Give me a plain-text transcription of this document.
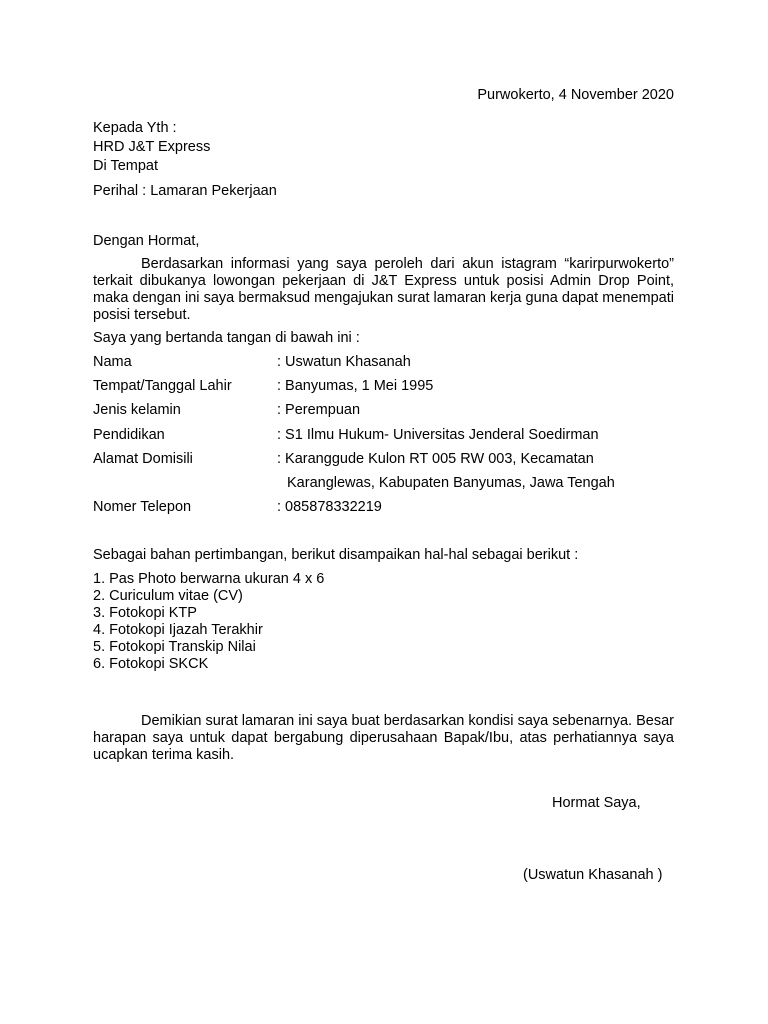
Purwokerto, 4 November 2020
Kepada Yth :
HRD J&T Express
Di Tempat
Perihal : Lamaran Pekerjaan
Dengan Hormat,
Berdasarkan informasi yang saya peroleh dari akun istagram “karirpurwokerto” terkait dibukanya lowongan pekerjaan di J&T Express untuk posisi Admin Drop Point, maka dengan ini saya bermaksud mengajukan surat lamaran kerja guna dapat menempati posisi tersebut.
Saya yang bertanda tangan di bawah ini :
Nama	: Uswatun Khasanah
Tempat/Tanggal Lahir	: Banyumas, 1 Mei 1995
Jenis kelamin	: Perempuan
Pendidikan	: S1 Ilmu Hukum- Universitas Jenderal Soedirman
Alamat Domisili	: Karanggude Kulon RT 005 RW 003, Kecamatan
Karanglewas, Kabupaten Banyumas, Jawa Tengah
Nomer Telepon	: 085878332219
Sebagai bahan pertimbangan, berikut disampaikan hal-hal sebagai berikut :
1. Pas Photo berwarna ukuran 4 x 6
2. Curiculum vitae (CV)
3. Fotokopi KTP
4. Fotokopi Ijazah Terakhir
5. Fotokopi Transkip Nilai
6. Fotokopi SKCK
Demikian surat lamaran ini saya buat berdasarkan kondisi saya sebenarnya. Besar harapan saya untuk dapat bergabung diperusahaan Bapak/Ibu, atas perhatiannya saya ucapkan terima kasih.
Hormat Saya,
(Uswatun Khasanah )
